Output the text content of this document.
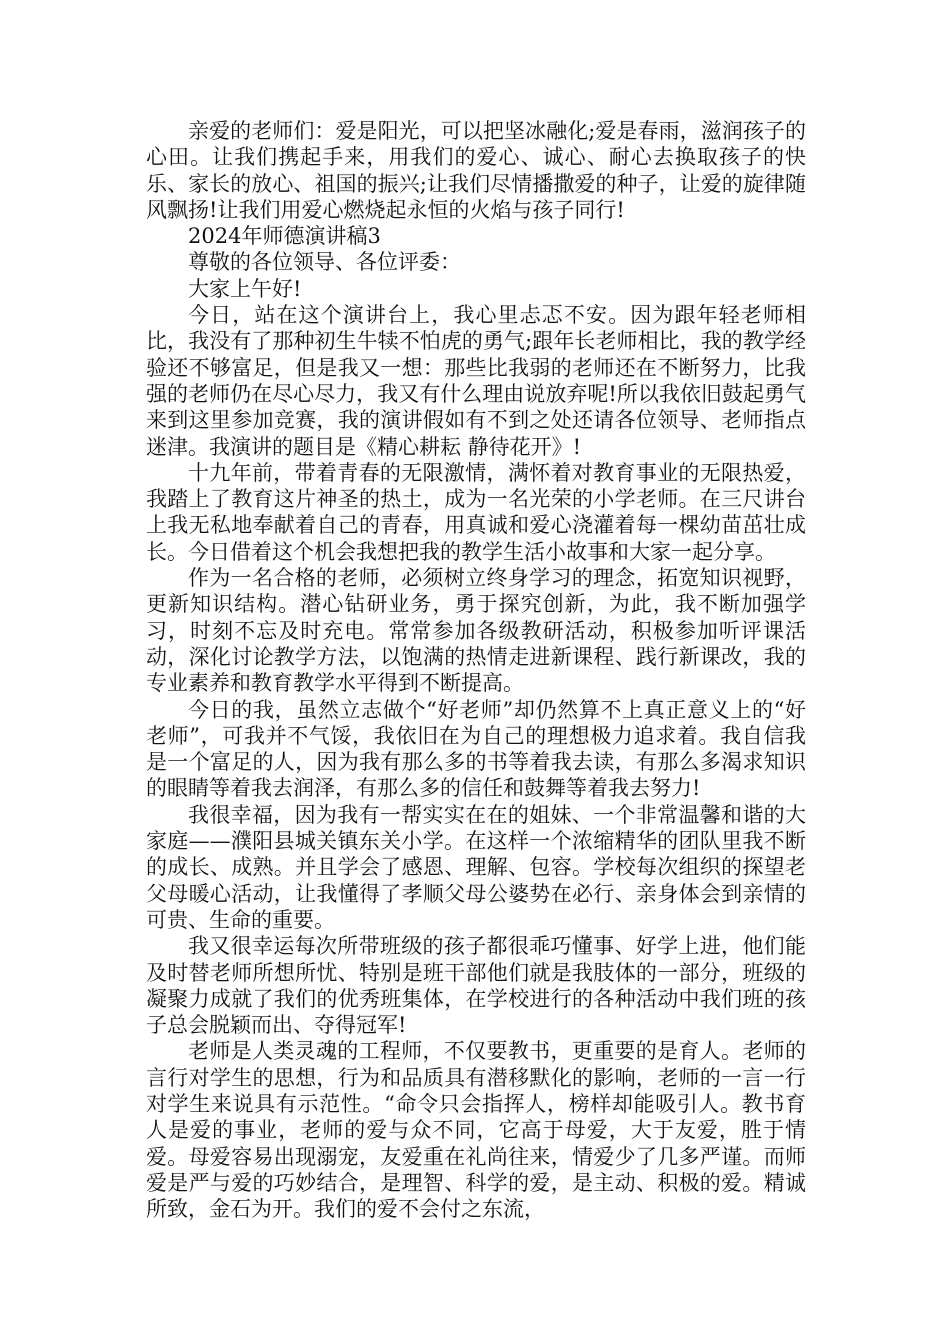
亲爱的老师们：爱是阳光，可以把坚冰融化;爱是春雨，滋润孩子的心田。让我们携起手来，用我们的爱心、诚心、耐心去换取孩子的快乐、家长的放心、祖国的振兴;让我们尽情播撒爱的种子，让爱的旋律随风飘扬!让我们用爱心燃烧起永恒的火焰与孩子同行!

2024年师德演讲稿3

尊敬的各位领导、各位评委：

大家上午好!

今日，站在这个演讲台上，我心里忐忑不安。因为跟年轻老师相比，我没有了那种初生牛犊不怕虎的勇气;跟年长老师相比，我的教学经验还不够富足，但是我又一想：那些比我弱的老师还在不断努力，比我强的老师仍在尽心尽力，我又有什么理由说放弃呢!所以我依旧鼓起勇气来到这里参加竞赛，我的演讲假如有不到之处还请各位领导、老师指点迷津。我演讲的题目是《精心耕耘 静待花开》!

十九年前，带着青春的无限激情，满怀着对教育事业的无限热爱，我踏上了教育这片神圣的热土，成为一名光荣的小学老师。在三尺讲台上我无私地奉献着自己的青春，用真诚和爱心浇灌着每一棵幼苗茁壮成长。今日借着这个机会我想把我的教学生活小故事和大家一起分享。

作为一名合格的老师，必须树立终身学习的理念，拓宽知识视野，更新知识结构。潜心钻研业务，勇于探究创新，为此，我不断加强学习，时刻不忘及时充电。常常参加各级教研活动，积极参加听评课活动，深化讨论教学方法，以饱满的热情走进新课程、践行新课改，我的专业素养和教育教学水平得到不断提高。

今日的我，虽然立志做个“好老师”却仍然算不上真正意义上的“好老师”，可我并不气馁，我依旧在为自己的理想极力追求着。我自信我是一个富足的人，因为我有那么多的书等着我去读，有那么多渴求知识的眼睛等着我去润泽，有那么多的信任和鼓舞等着我去努力!

我很幸福，因为我有一帮实实在在的姐妹、一个非常温馨和谐的大家庭——濮阳县城关镇东关小学。在这样一个浓缩精华的团队里我不断的成长、成熟。并且学会了感恩、理解、包容。学校每次组织的探望老父母暖心活动，让我懂得了孝顺父母公婆势在必行、亲身体会到亲情的可贵、生命的重要。

我又很幸运每次所带班级的孩子都很乖巧懂事、好学上进，他们能及时替老师所想所忧、特别是班干部他们就是我肢体的一部分，班级的凝聚力成就了我们的优秀班集体，在学校进行的各种活动中我们班的孩子总会脱颖而出、夺得冠军!

老师是人类灵魂的工程师，不仅要教书，更重要的是育人。老师的言行对学生的思想，行为和品质具有潜移默化的影响，老师的一言一行对学生来说具有示范性。“命令只会指挥人，榜样却能吸引人。教书育人是爱的事业，老师的爱与众不同，它高于母爱，大于友爱，胜于情爱。母爱容易出现溺宠，友爱重在礼尚往来，情爱少了几多严谨。而师爱是严与爱的巧妙结合，是理智、科学的爱，是主动、积极的爱。精诚所致，金石为开。我们的爱不会付之东流，
